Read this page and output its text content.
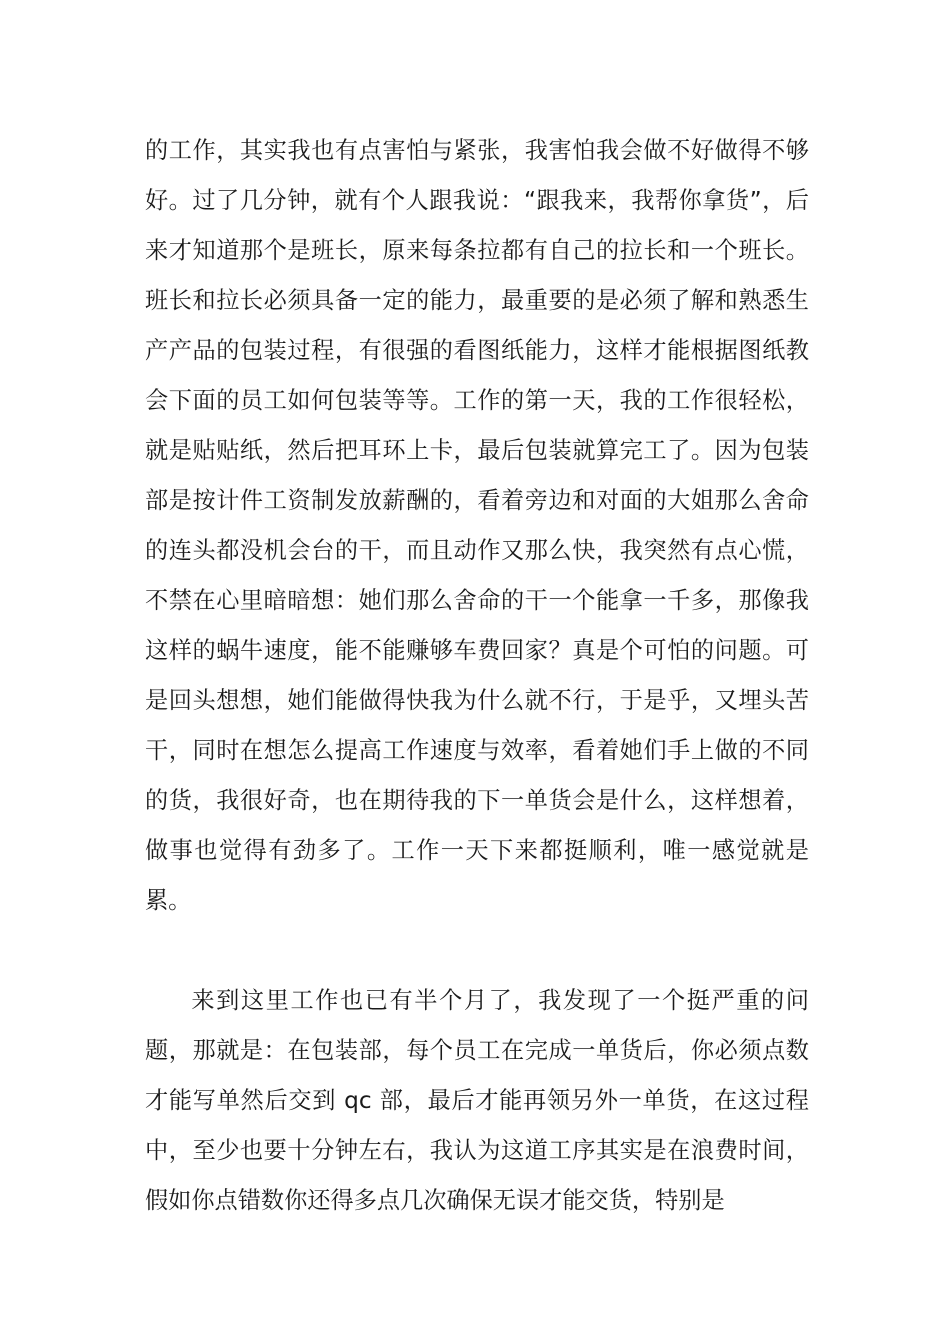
的工作，其实我也有点害怕与紧张，我害怕我会做不好做得不够好。过了几分钟，就有个人跟我说：“跟我来，我帮你拿货”，后来才知道那个是班长，原来每条拉都有自己的拉长和一个班长。班长和拉长必须具备一定的能力，最重要的是必须了解和熟悉生产产品的包装过程，有很强的看图纸能力，这样才能根据图纸教会下面的员工如何包装等等。工作的第一天，我的工作很轻松，就是贴贴纸，然后把耳环上卡，最后包装就算完工了。因为包装部是按计件工资制发放薪酬的，看着旁边和对面的大姐那么舍命的连头都没机会台的干，而且动作又那么快，我突然有点心慌，不禁在心里暗暗想：她们那么舍命的干一个能拿一千多，那像我这样的蜗牛速度，能不能赚够车费回家？真是个可怕的问题。可是回头想想，她们能做得快我为什么就不行，于是乎，又埋头苦干，同时在想怎么提高工作速度与效率，看着她们手上做的不同的货，我很好奇，也在期待我的下一单货会是什么，这样想着，做事也觉得有劲多了。工作一天下来都挺顺利，唯一感觉就是累。

来到这里工作也已有半个月了，我发现了一个挺严重的问题，那就是：在包装部，每个员工在完成一单货后，你必须点数才能写单然后交到 qc 部，最后才能再领另外一单货，在这过程中，至少也要十分钟左右，我认为这道工序其实是在浪费时间，假如你点错数你还得多点几次确保无误才能交货，特别是
